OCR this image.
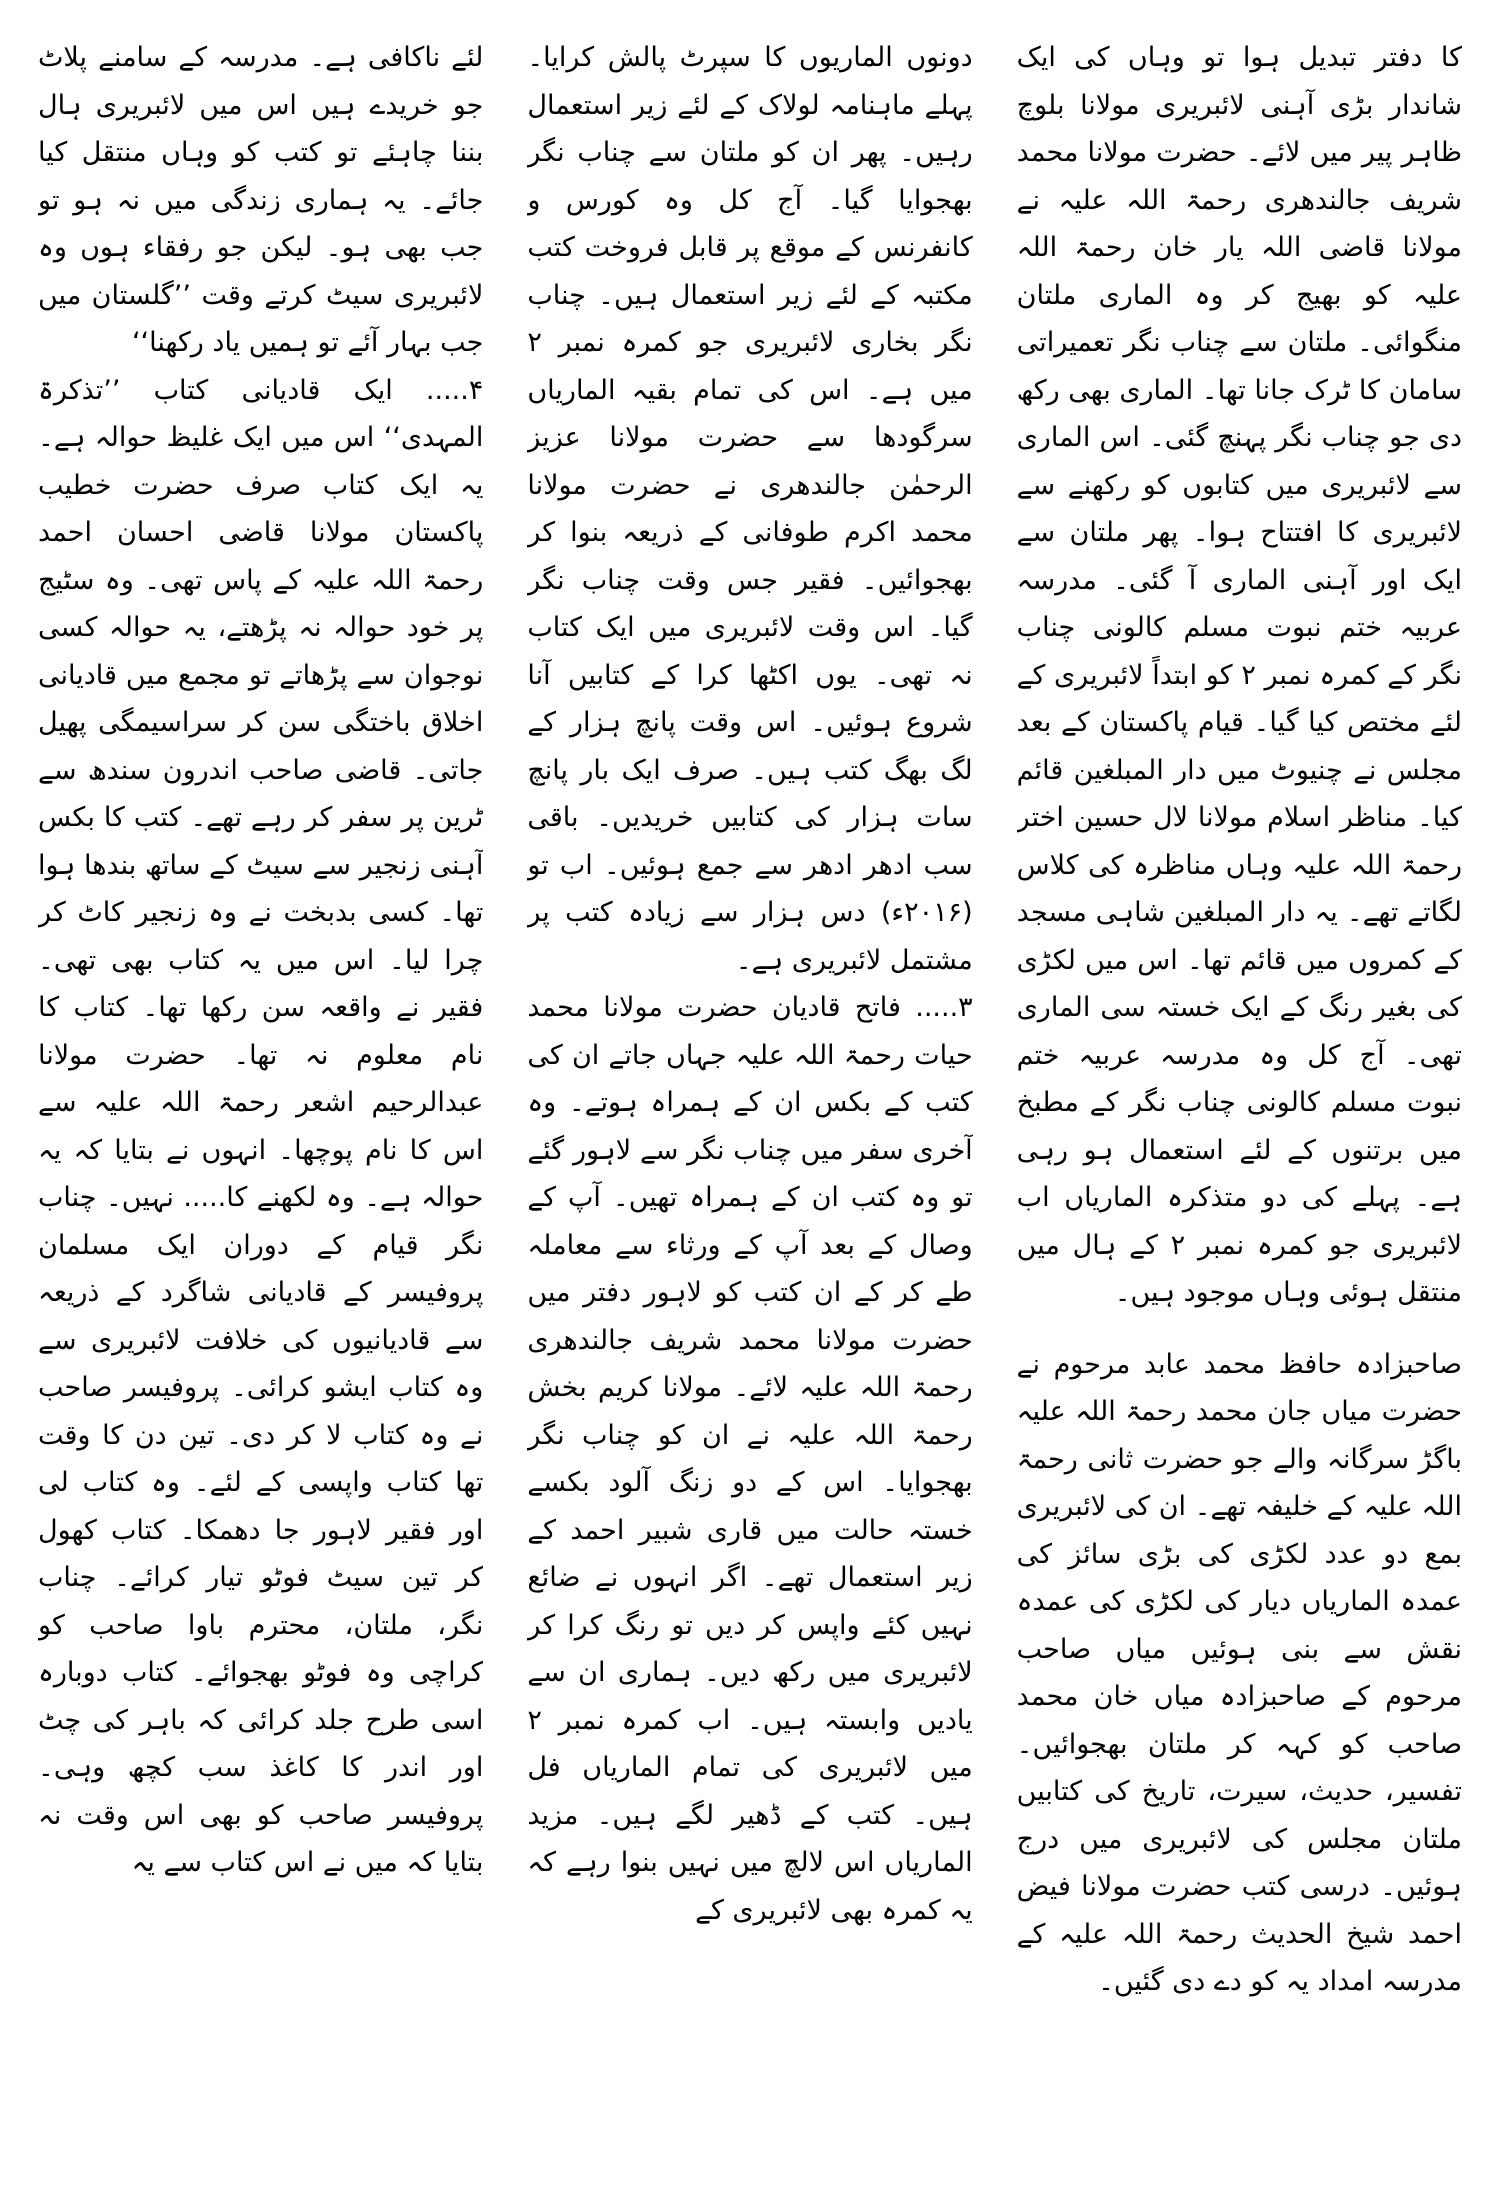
کا دفتر تبدیل ہوا تو وہاں کی ایک شاندار بڑی آہنی لائبریری مولانا بلوچ ظاہر پیر میں لائے۔ حضرت مولانا محمد شریف جالندھری رحمۃ اللہ علیہ نے مولانا قاضی اللہ یار خان رحمۃ اللہ علیہ کو بھیج کر وہ الماری ملتان منگوائی۔ ملتان سے چناب نگر تعمیراتی سامان کا ٹرک جانا تھا۔ الماری بھی رکھ دی جو چناب نگر پہنچ گئی۔ اس الماری سے لائبریری میں کتابوں کو رکھنے سے لائبریری کا افتتاح ہوا۔ پھر ملتان سے ایک اور آہنی الماری آ گئی۔ مدرسہ عربیہ ختم نبوت مسلم کالونی چناب نگر کے کمرہ نمبر ۲ کو ابتداً لائبریری کے لئے مختص کیا گیا۔ قیام پاکستان کے بعد مجلس نے چنیوٹ میں دار المبلغین قائم کیا۔ مناظر اسلام مولانا لال حسین اختر رحمۃ اللہ علیہ وہاں مناظرہ کی کلاس لگاتے تھے۔ یہ دار المبلغین شاہی مسجد کے کمروں میں قائم تھا۔ اس میں لکڑی کی بغیر رنگ کے ایک خستہ سی الماری تھی۔ آج کل وہ مدرسہ عربیہ ختم نبوت مسلم کالونی چناب نگر کے مطبخ میں برتنوں کے لئے استعمال ہو رہی ہے۔ پہلے کی دو متذکرہ الماریاں اب لائبریری جو کمرہ نمبر ۲ کے ہال میں منتقل ہوئی وہاں موجود ہیں۔

صاحبزادہ حافظ محمد عابد مرحوم نے حضرت میاں جان محمد رحمۃ اللہ علیہ باگڑ سرگانہ والے جو حضرت ثانی رحمۃ اللہ علیہ کے خلیفہ تھے۔ ان کی لائبریری بمع دو عدد لکڑی کی بڑی سائز کی عمدہ الماریاں دیار کی لکڑی کی عمدہ نقش سے بنی ہوئیں میاں صاحب مرحوم کے صاحبزادہ میاں خان محمد صاحب کو کہہ کر ملتان بھجوائیں۔ تفسیر، حدیث، سیرت، تاریخ کی کتابیں ملتان مجلس کی لائبریری میں درج ہوئیں۔ درسی کتب حضرت مولانا فیض احمد شیخ الحدیث رحمۃ اللہ علیہ کے مدرسہ امداد یہ کو دے دی گئیں۔

دونوں الماریوں کا سپرٹ پالش کرایا۔ پہلے ماہنامہ لولاک کے لئے زیر استعمال رہیں۔ پھر ان کو ملتان سے چناب نگر بھجوایا گیا۔ آج کل وہ کورس و کانفرنس کے موقع پر قابل فروخت کتب مکتبہ کے لئے زیر استعمال ہیں۔ چناب نگر بخاری لائبریری جو کمرہ نمبر ۲ میں ہے۔ اس کی تمام بقیہ الماریاں سرگودھا سے حضرت مولانا عزیز الرحمٰن جالندھری نے حضرت مولانا محمد اکرم طوفانی کے ذریعہ بنوا کر بھجوائیں۔ فقیر جس وقت چناب نگر گیا۔ اس وقت لائبریری میں ایک کتاب نہ تھی۔ یوں اکٹھا کرا کے کتابیں آنا شروع ہوئیں۔ اس وقت پانچ ہزار کے لگ بھگ کتب ہیں۔ صرف ایک بار پانچ سات ہزار کی کتابیں خریدیں۔ باقی سب ادھر ادھر سے جمع ہوئیں۔ اب تو (۲۰۱۶ء) دس ہزار سے زیادہ کتب پر مشتمل لائبریری ہے۔

۳..... فاتح قادیان حضرت مولانا محمد حیات رحمۃ اللہ علیہ جہاں جاتے ان کی کتب کے بکس ان کے ہمراہ ہوتے۔ وہ آخری سفر میں چناب نگر سے لاہور گئے تو وہ کتب ان کے ہمراہ تھیں۔ آپ کے وصال کے بعد آپ کے ورثاء سے معاملہ طے کر کے ان کتب کو لاہور دفتر میں حضرت مولانا محمد شریف جالندھری رحمۃ اللہ علیہ لائے۔ مولانا کریم بخش رحمۃ اللہ علیہ نے ان کو چناب نگر بھجوایا۔ اس کے دو زنگ آلود بکسے خستہ حالت میں قاری شبیر احمد کے زیر استعمال تھے۔ اگر انہوں نے ضائع نہیں کئے واپس کر دیں تو رنگ کرا کر لائبریری میں رکھ دیں۔ ہماری ان سے یادیں وابستہ ہیں۔ اب کمرہ نمبر ۲ میں لائبریری کی تمام الماریاں فل ہیں۔ کتب کے ڈھیر لگے ہیں۔ مزید الماریاں اس لالچ میں نہیں بنوا رہے کہ یہ کمرہ بھی لائبریری کے

لئے ناکافی ہے۔ مدرسہ کے سامنے پلاٹ جو خریدے ہیں اس میں لائبریری ہال بننا چاہئے تو کتب کو وہاں منتقل کیا جائے۔ یہ ہماری زندگی میں نہ ہو تو جب بھی ہو۔ لیکن جو رفقاء ہوں وہ لائبریری سیٹ کرتے وقت ’’گلستان میں جب بہار آئے تو ہمیں یاد رکھنا‘‘

۴..... ایک قادیانی کتاب ’’تذکرۃ المہدی‘‘ اس میں ایک غلیظ حوالہ ہے۔ یہ ایک کتاب صرف حضرت خطیب پاکستان مولانا قاضی احسان احمد رحمۃ اللہ علیہ کے پاس تھی۔ وہ سٹیج پر خود حوالہ نہ پڑھتے، یہ حوالہ کسی نوجوان سے پڑھاتے تو مجمع میں قادیانی اخلاق باختگی سن کر سراسیمگی پھیل جاتی۔ قاضی صاحب اندرون سندھ سے ٹرین پر سفر کر رہے تھے۔ کتب کا بکس آہنی زنجیر سے سیٹ کے ساتھ بندھا ہوا تھا۔ کسی بدبخت نے وہ زنجیر کاٹ کر چرا لیا۔ اس میں یہ کتاب بھی تھی۔ فقیر نے واقعہ سن رکھا تھا۔ کتاب کا نام معلوم نہ تھا۔ حضرت مولانا عبدالرحیم اشعر رحمۃ اللہ علیہ سے اس کا نام پوچھا۔ انہوں نے بتایا کہ یہ حوالہ ہے۔ وہ لکھنے کا..... نہیں۔ چناب نگر قیام کے دوران ایک مسلمان پروفیسر کے قادیانی شاگرد کے ذریعہ سے قادیانیوں کی خلافت لائبریری سے وہ کتاب ایشو کرائی۔ پروفیسر صاحب نے وہ کتاب لا کر دی۔ تین دن کا وقت تھا کتاب واپسی کے لئے۔ وہ کتاب لی اور فقیر لاہور جا دھمکا۔ کتاب کھول کر تین سیٹ فوٹو تیار کرائے۔ چناب نگر، ملتان، محترم باوا صاحب کو کراچی وہ فوٹو بھجوائے۔ کتاب دوبارہ اسی طرح جلد کرائی کہ باہر کی چٹ اور اندر کا کاغذ سب کچھ وہی۔ پروفیسر صاحب کو بھی اس وقت نہ بتایا کہ میں نے اس کتاب سے یہ
